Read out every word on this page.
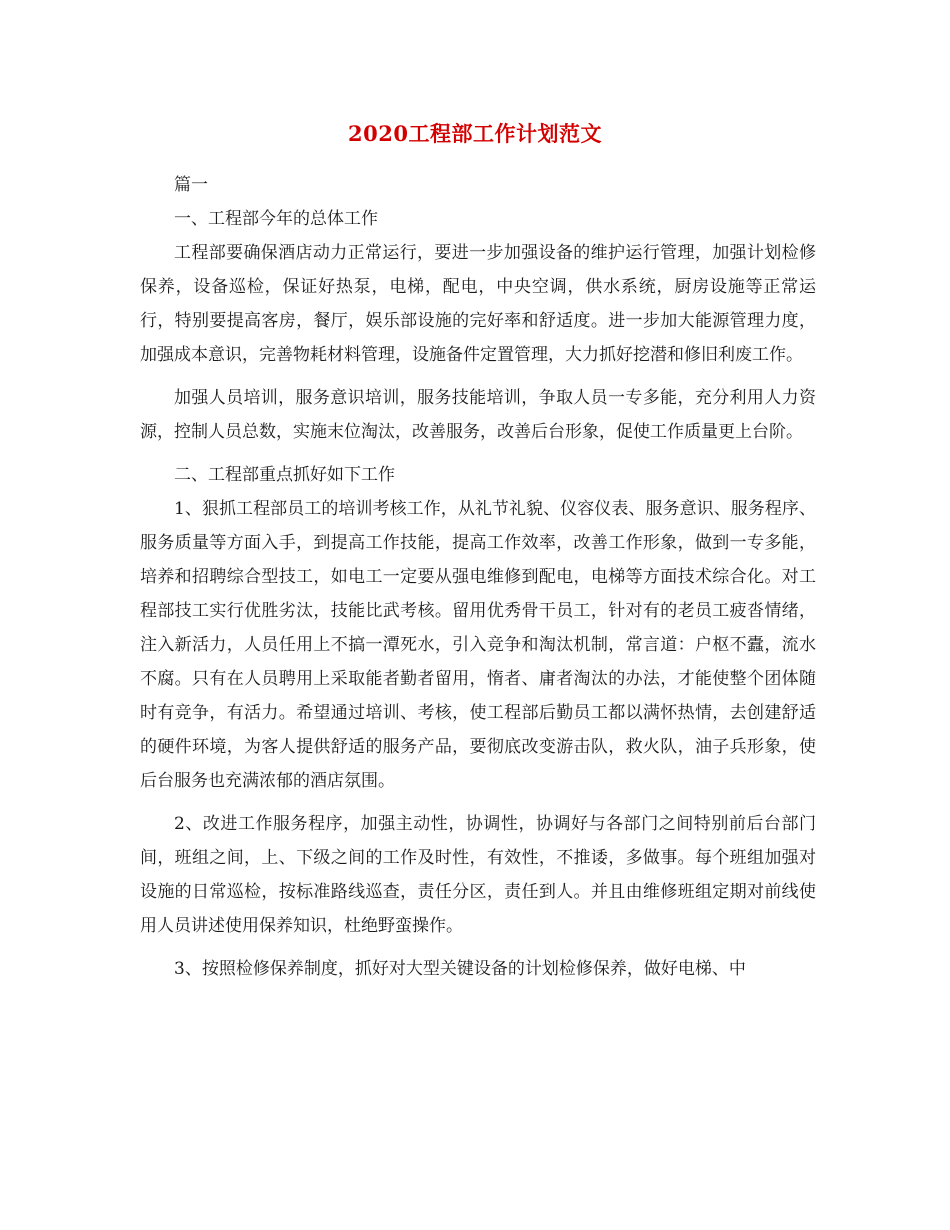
2020工程部工作计划范文

篇一

一、工程部今年的总体工作

工程部要确保酒店动力正常运行，要进一步加强设备的维护运行管理，加强计划检修保养，设备巡检，保证好热泵，电梯，配电，中央空调，供水系统，厨房设施等正常运行，特别要提高客房，餐厅，娱乐部设施的完好率和舒适度。进一步加大能源管理力度，加强成本意识，完善物耗材料管理，设施备件定置管理，大力抓好挖潜和修旧利废工作。

加强人员培训，服务意识培训，服务技能培训，争取人员一专多能，充分利用人力资源，控制人员总数，实施末位淘汰，改善服务，改善后台形象，促使工作质量更上台阶。

二、工程部重点抓好如下工作

1、狠抓工程部员工的培训考核工作，从礼节礼貌、仪容仪表、服务意识、服务程序、服务质量等方面入手，到提高工作技能，提高工作效率，改善工作形象，做到一专多能，培养和招聘综合型技工，如电工一定要从强电维修到配电，电梯等方面技术综合化。对工程部技工实行优胜劣汰，技能比武考核。留用优秀骨干员工，针对有的老员工疲沓情绪，注入新活力，人员任用上不搞一潭死水，引入竞争和淘汰机制，常言道：户枢不蠹，流水不腐。只有在人员聘用上采取能者勤者留用，惰者、庸者淘汰的办法，才能使整个团体随时有竞争，有活力。希望通过培训、考核，使工程部后勤员工都以满怀热情，去创建舒适的硬件环境，为客人提供舒适的服务产品，要彻底改变游击队，救火队，油子兵形象，使后台服务也充满浓郁的酒店氛围。

2、改进工作服务程序，加强主动性，协调性，协调好与各部门之间特别前后台部门间，班组之间，上、下级之间的工作及时性，有效性，不推诿，多做事。每个班组加强对设施的日常巡检，按标准路线巡查，责任分区，责任到人。并且由维修班组定期对前线使用人员讲述使用保养知识，杜绝野蛮操作。

3、按照检修保养制度，抓好对大型关键设备的计划检修保养，做好电梯、中
